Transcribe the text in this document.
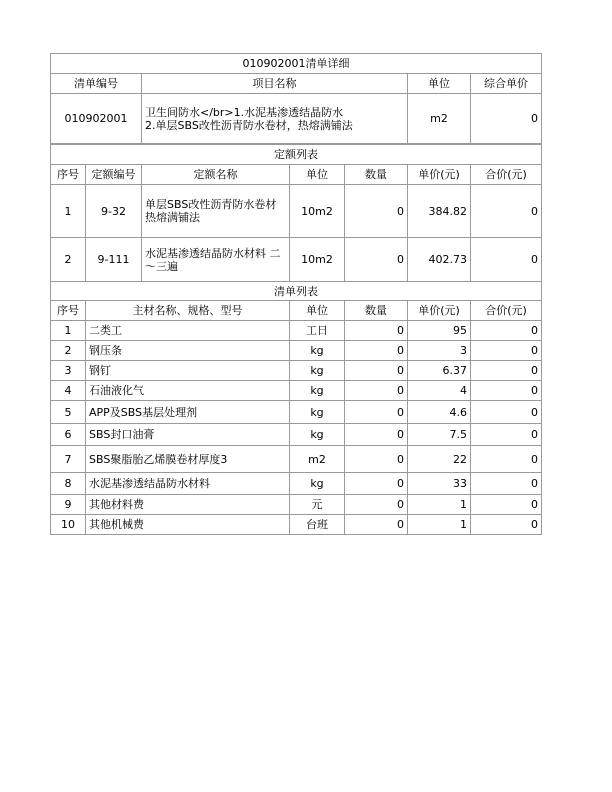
010902001清单详细			
清单编号	项目名称	单位	综合单价
010902001	卫生间防水</br>1.水泥基渗透结晶防水
2.单层SBS改性沥青防水卷材，热熔满铺法	m2	0
定额列表						
序号	定额编号	定额名称	单位	数量	单价(元)	合价(元)
1	9-32	单层SBS改性沥青防水卷材
热熔满铺法	10m2	0	384.82	0
2	9-111	水泥基渗透结晶防水材料 二
～三遍	10m2	0	402.73	0
清单列表					
序号	主材名称、规格、型号	单位	数量	单价(元)	合价(元)
1	二类工	工日	0	95	0
2	钢压条	kg	0	3	0
3	钢钉	kg	0	6.37	0
4	石油液化气	kg	0	4	0
5	APP及SBS基层处理剂	kg	0	4.6	0
6	SBS封口油膏	kg	0	7.5	0
7	SBS聚脂胎乙烯膜卷材厚度3	m2	0	22	0
8	水泥基渗透结晶防水材料	kg	0	33	0
9	其他材料费	元	0	1	0
10	其他机械费	台班	0	1	0
